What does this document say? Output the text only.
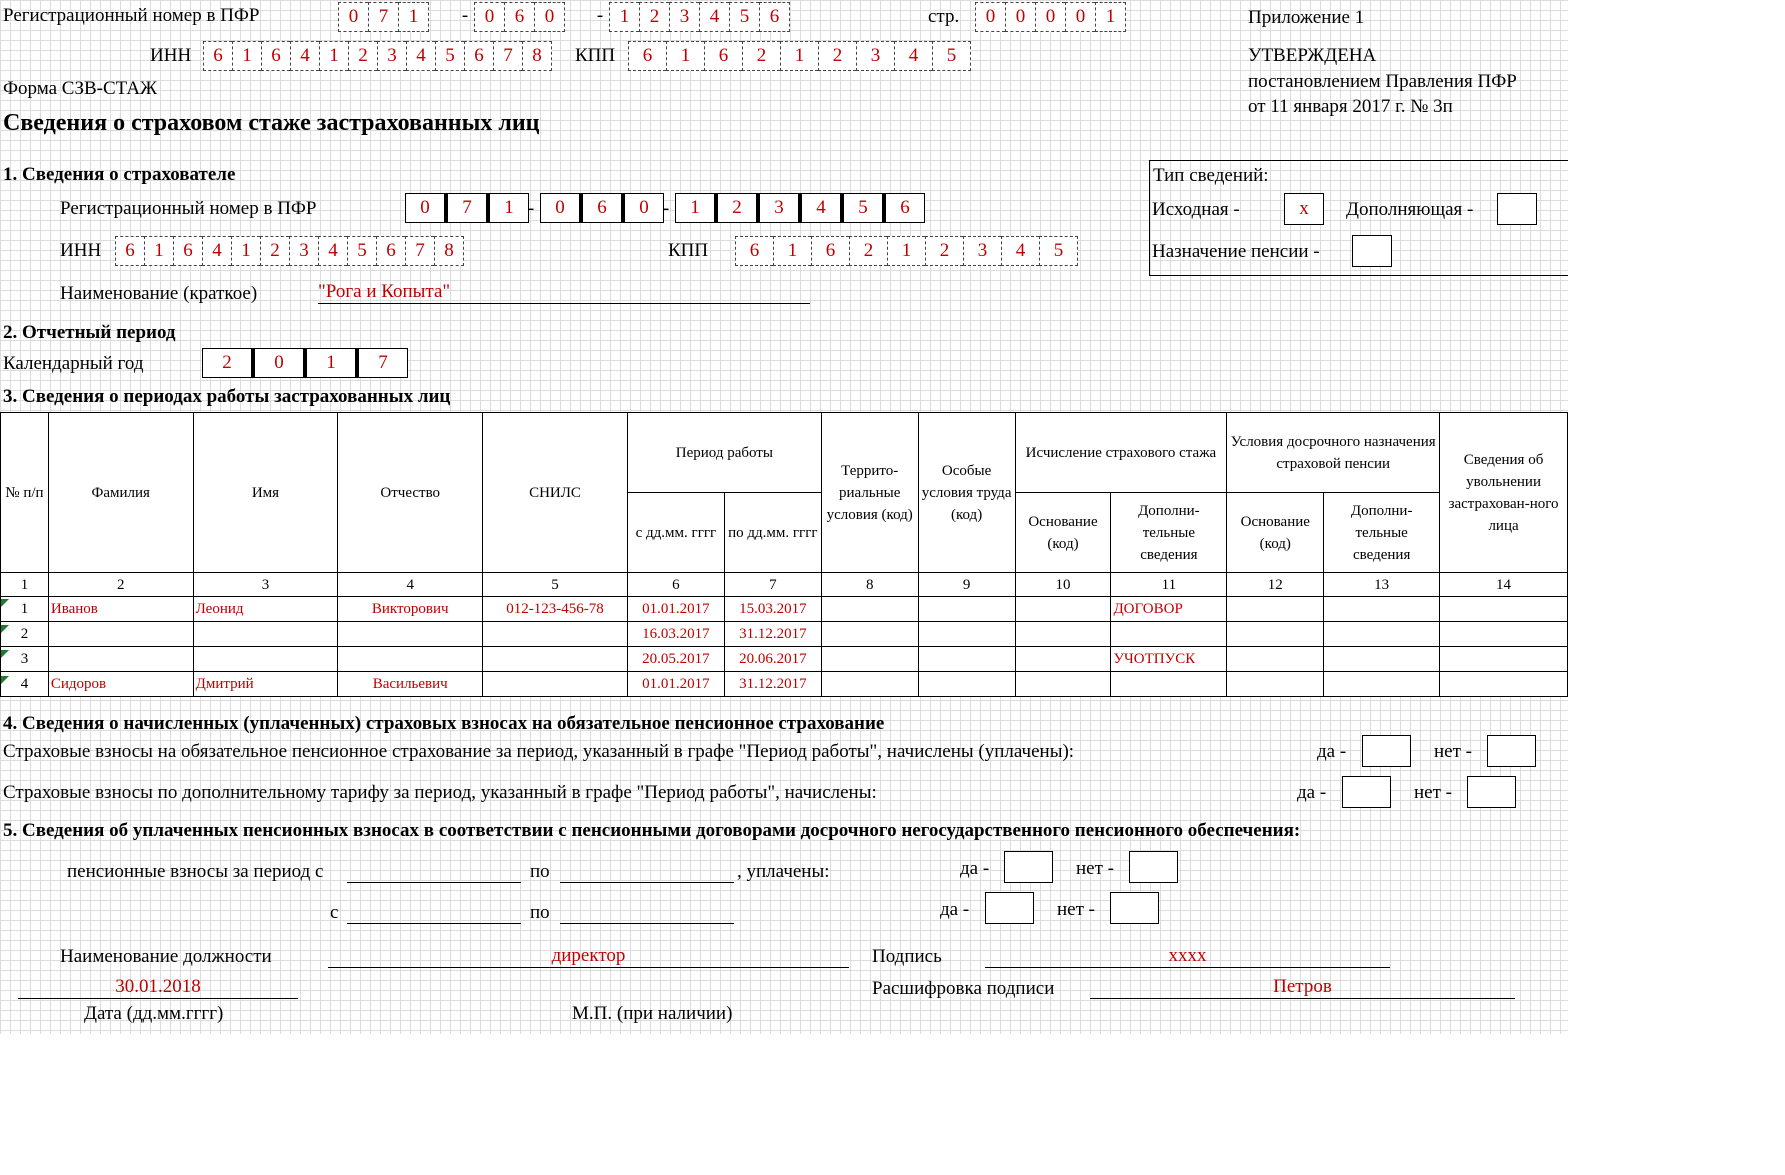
Регистрационный номер в ПФР	0	7	1	- 0	6	0	- 1	2	3	4	5	6	стр.	0	0	0	0	1
ИНН	6	1	6	4	1	2	3	4	5	6	7	8	КПП	6	1	6	2	1	2	3	4	5
Приложение 1
УТВЕРЖДЕНА
постановлением Правления ПФР
от 11 января 2017 г. № 3п
Форма СЗВ-СТАЖ
Сведения о страховом стаже застрахованных лиц
1. Сведения о страхователе
Регистрационный номер в ПФР	0	7	1 -	0	6	0 -	1	2	3	4	5	6
ИНН	6	1	6	4	1	2	3	4	5	6	7	8	КПП	6	1	6	2	1	2	3	4	5
Наименование (краткое)	"Рога и Копыта"
Тип сведений:
Исходная -	х	Дополняющая -
Назначение пенсии -
2. Отчетный период
Календарный год	2	0	1	7
3. Сведения о периодах работы застрахованных лиц
№ п/п	Фамилия	Имя	Отчество	СНИЛС	Период работы		Террито-риальные условия (код)	Особые условия труда (код)	Исчисление страхового стажа		Условия досрочного назначения страховой пенсии		Сведения об увольнении застрахован-ного лица
					с дд.мм. гггг	по дд.мм. гггг			Основание (код)	Дополни-тельные сведения	Основание (код)	Дополни-тельные сведения	
1	2	3	4	5	6	7	8	9	10	11	12	13	14
1	Иванов	Леонид	Викторович	012-123-456-78	01.01.2017	15.03.2017				ДОГОВОР			
2					16.03.2017	31.12.2017							
3					20.05.2017	20.06.2017				УЧОТПУСК			
4	Сидоров	Дмитрий	Васильевич		01.01.2017	31.12.2017							
4. Сведения о начисленных (уплаченных) страховых взносах на обязательное пенсионное страхование
Страховые взносы на обязательное пенсионное страхование за период, указанный в графе "Период работы", начислены (уплачены):	да -	нет -
Страховые взносы по дополнительному тарифу за период, указанный в графе "Период работы", начислены:	да -	нет -
5. Сведения об уплаченных пенсионных взносах в соответствии с пенсионными договорами досрочного негосударственного пенсионного обеспечения:
пенсионные взносы за период с	по	, уплачены:	да -	нет -
с	по	да -	нет -
Наименование должности	директор	Подпись	хххх
30.01.2018	Расшифровка подписи	Петров
Дата (дд.мм.гггг)	М.П. (при наличии)
